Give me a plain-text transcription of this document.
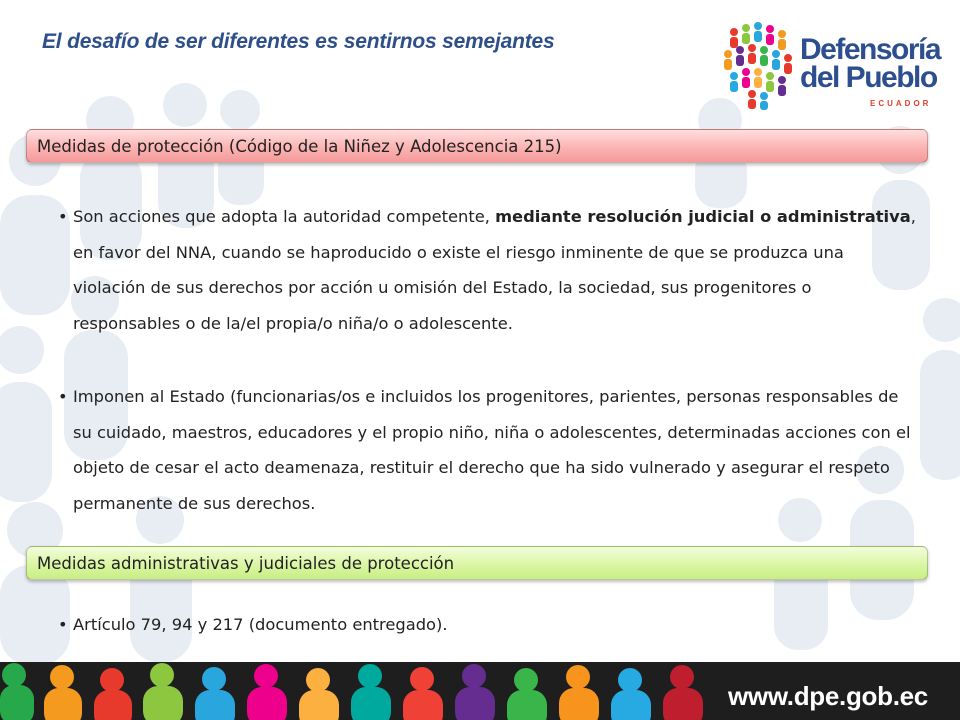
El desafío de ser diferentes es sentirnos semejantes	Defensoría
del Pueblo
ECUADOR
Medidas de protección (Código de la Niñez y Adolescencia 215)
• Son acciones que adopta la autoridad competente, mediante resolución judicial o administrativa, en favor del NNA, cuando se haproducido o existe el riesgo inminente de que se produzca una violación de sus derechos por acción u omisión del Estado, la sociedad, sus progenitores o responsables o de la/el propia/o niña/o o adolescente.
• Imponen al Estado (funcionarias/os e incluidos los progenitores, parientes, personas responsables de su cuidado, maestros, educadores y el propio niño, niña o adolescentes, determinadas acciones con el objeto de cesar el acto deamenaza, restituir el derecho que ha sido vulnerado y asegurar el respeto permanente de sus derechos.
Medidas administrativas y judiciales de protección
• Artículo 79, 94 y 217 (documento entregado).
www.dpe.gob.ec
